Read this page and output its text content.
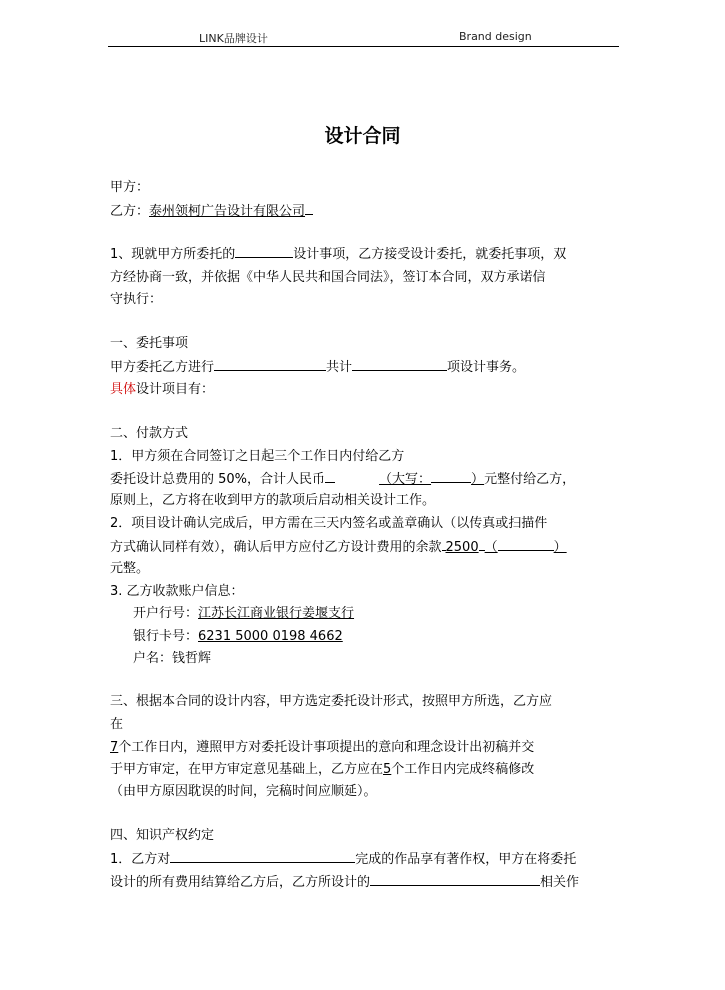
LINK品牌设计	Brand design
设计合同
甲方：
乙方：泰州领柯广告设计有限公司
1、现就甲方所委托的	设计事项，乙方接受设计委托，就委托事项，双
方经协商一致，并依据《中华人民共和国合同法》，签订本合同，双方承诺信
守执行：
一、委托事项
甲方委托乙方进行	共计	项设计事务。
具体设计项目有：
二、付款方式
1．甲方须在合同签订之日起三个工作日内付给乙方
委托设计总费用的 50%，合计人民币	（大写：	）元整付给乙方，
原则上，乙方将在收到甲方的款项后启动相关设计工作。
2．项目设计确认完成后，甲方需在三天内签名或盖章确认（以传真或扫描件
方式确认同样有效），确认后甲方应付乙方设计费用的余款 2500 （	）
元整。
3. 乙方收款账户信息：
开户行号：江苏长江商业银行姜堰支行
银行卡号：6231 5000 0198 4662
户名：钱哲辉
三、根据本合同的设计内容，甲方选定委托设计形式，按照甲方所选，乙方应
在
7个工作日内，遵照甲方对委托设计事项提出的意向和理念设计出初稿并交
于甲方审定，在甲方审定意见基础上，乙方应在5个工作日内完成终稿修改
（由甲方原因耽误的时间，完稿时间应顺延）。
四、知识产权约定
1．乙方对	完成的作品享有著作权，甲方在将委托
设计的所有费用结算给乙方后，乙方所设计的	相关作
